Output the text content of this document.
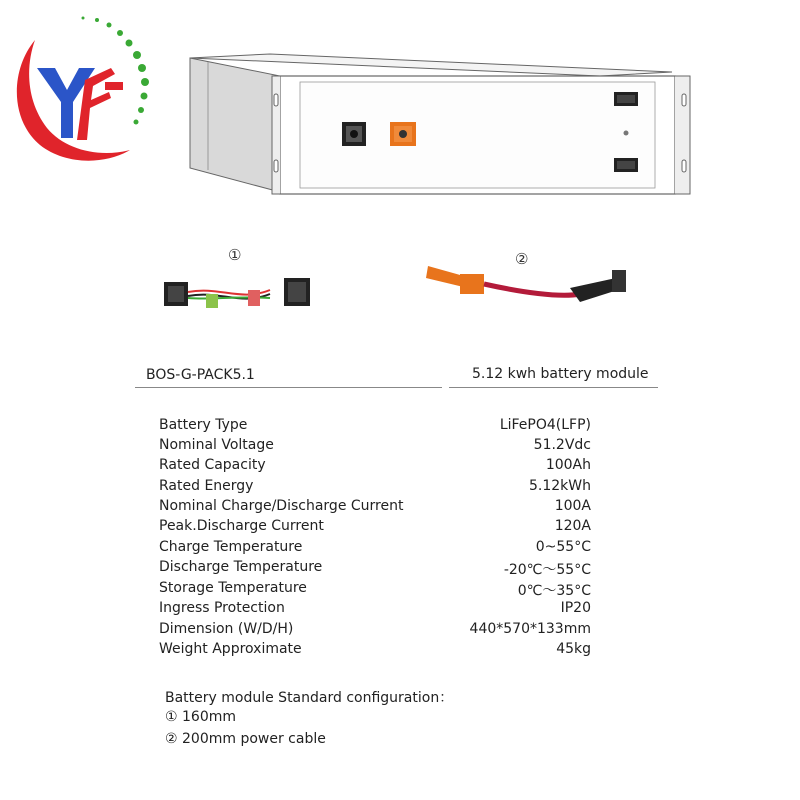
①	②
BOS-G-PACK5.1	5.12 kwh battery module
Battery Type	LiFePO4(LFP)
Nominal Voltage	51.2Vdc
Rated Capacity	100Ah
Rated Energy	5.12kWh
Nominal Charge/Discharge Current	100A
Peak.Discharge Current	120A
Charge Temperature	0~55°C
Discharge Temperature	-20℃～55°C
Storage Temperature	0℃～35°C
Ingress Protection	IP20
Dimension (W/D/H)	440*570*133mm
Weight Approximate	45kg
Battery module Standard configuration：
① 160mm
② 200mm power cable
